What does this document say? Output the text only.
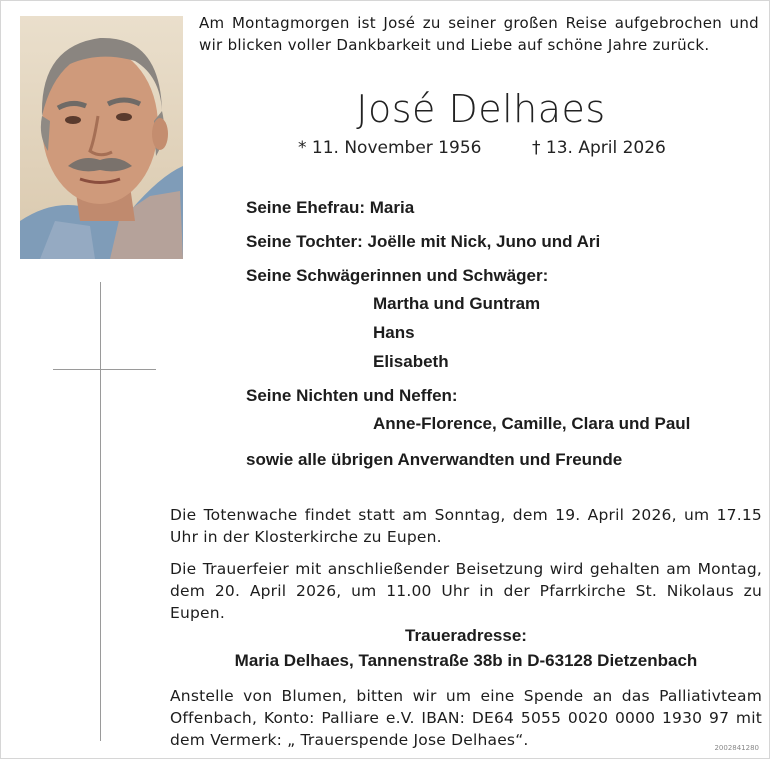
Am Montagmorgen ist José zu seiner großen Reise aufgebrochen und wir blicken voller Dankbarkeit und Liebe auf schöne Jahre zurück.
José Delhaes
* 11. November 1956	† 13. April 2026
Seine Ehefrau: Maria
Seine Tochter: Joëlle mit Nick, Juno und Ari
Seine Schwägerinnen und Schwäger:
Martha und Guntram
Hans
Elisabeth
Seine Nichten und Neffen:
Anne-Florence, Camille, Clara und Paul
sowie alle übrigen Anverwandten und Freunde
Die Totenwache findet statt am Sonntag, dem 19. April 2026, um 17.15 Uhr in der Klosterkirche zu Eupen.
Die Trauerfeier mit anschließender Beisetzung wird gehalten am Montag, dem 20. April 2026, um 11.00 Uhr in der Pfarrkirche St. Nikolaus zu Eupen.
Traueradresse:
Maria Delhaes, Tannenstraße 38b in D-63128 Dietzenbach
Anstelle von Blumen, bitten wir um eine Spende an das Palliativteam Offenbach, Konto: Palliare e.V. IBAN: DE64 5055 0020 0000 1930 97 mit dem Vermerk: „ Trauerspende Jose Delhaes“.	2002841280
